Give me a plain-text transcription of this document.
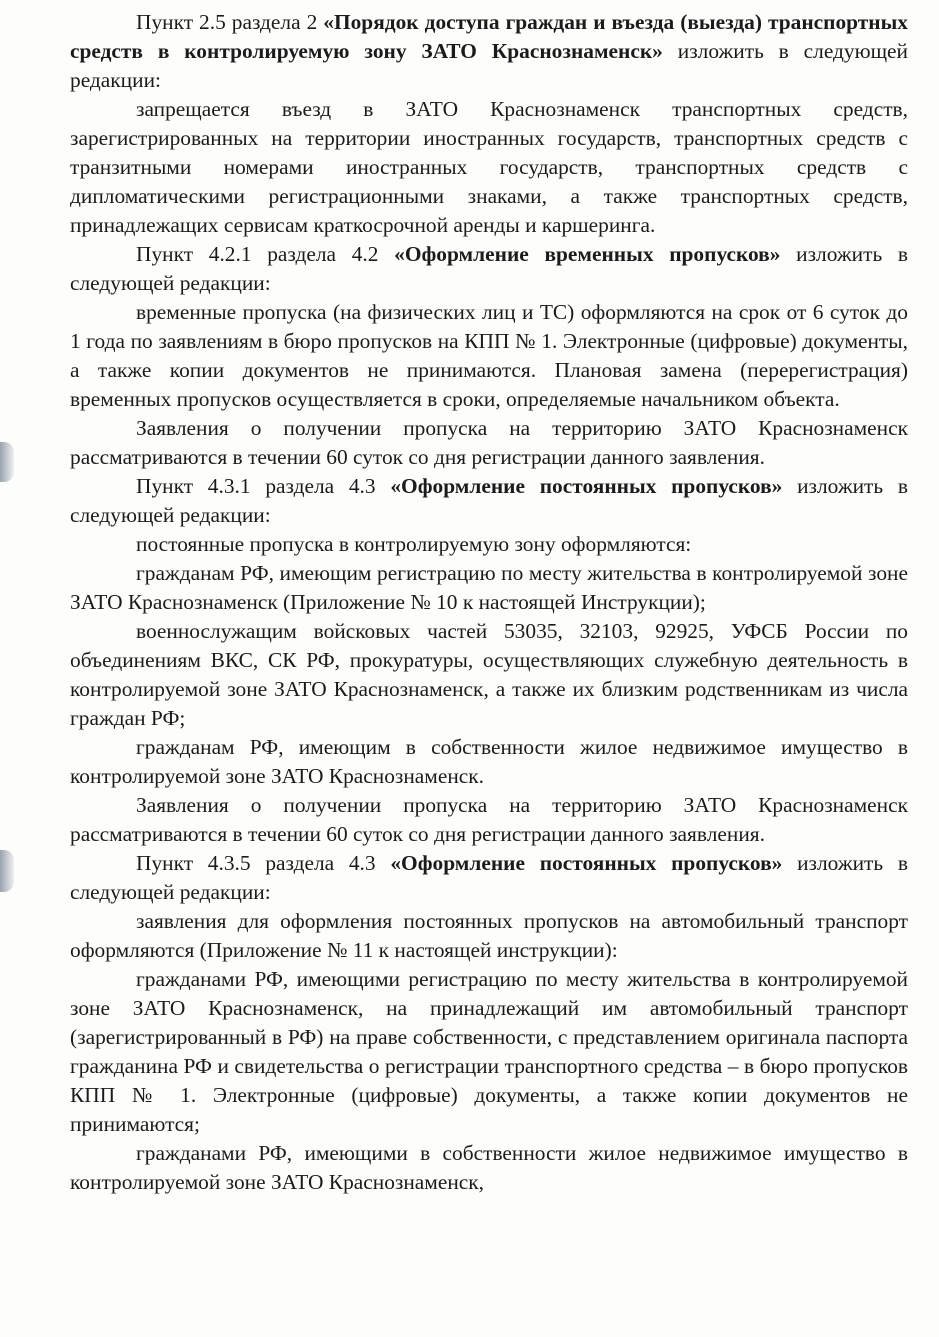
Пункт 2.5 раздела 2 «Порядок доступа граждан и въезда (выезда) транспортных средств в контролируемую зону ЗАТО Краснознаменск» изложить в следующей редакции:

запрещается въезд в ЗАТО Краснознаменск транспортных средств, зарегистрированных на территории иностранных государств, транспортных средств с транзитными номерами иностранных государств, транспортных средств с дипломатическими регистрационными знаками, а также транспортных средств, принадлежащих сервисам краткосрочной аренды и каршеринга.

Пункт 4.2.1 раздела 4.2 «Оформление временных пропусков» изложить в следующей редакции:

временные пропуска (на физических лиц и ТС) оформляются на срок от 6 суток до 1 года по заявлениям в бюро пропусков на КПП № 1. Электронные (цифровые) документы, а также копии документов не принимаются. Плановая замена (перерегистрация) временных пропусков осуществляется в сроки, определяемые начальником объекта.

Заявления о получении пропуска на территорию ЗАТО Краснознаменск рассматриваются в течении 60 суток со дня регистрации данного заявления.

Пункт 4.3.1 раздела 4.3 «Оформление постоянных пропусков» изложить в следующей редакции:

постоянные пропуска в контролируемую зону оформляются:

гражданам РФ, имеющим регистрацию по месту жительства в контролируемой зоне ЗАТО Краснознаменск (Приложение № 10 к настоящей Инструкции);

военнослужащим войсковых частей 53035, 32103, 92925, УФСБ России по объединениям ВКС, СК РФ, прокуратуры, осуществляющих служебную деятельность в контролируемой зоне ЗАТО Краснознаменск, а также их близким родственникам из числа граждан РФ;

гражданам РФ, имеющим в собственности жилое недвижимое имущество в контролируемой зоне ЗАТО Краснознаменск.

Заявления о получении пропуска на территорию ЗАТО Краснознаменск рассматриваются в течении 60 суток со дня регистрации данного заявления.

Пункт 4.3.5 раздела 4.3 «Оформление постоянных пропусков» изложить в следующей редакции:

заявления для оформления постоянных пропусков на автомобильный транспорт оформляются (Приложение № 11 к настоящей инструкции):

гражданами РФ, имеющими регистрацию по месту жительства в контролируемой зоне ЗАТО Краснознаменск, на принадлежащий им автомобильный транспорт (зарегистрированный в РФ) на праве собственности, с представлением оригинала паспорта гражданина РФ и свидетельства о регистрации транспортного средства – в бюро пропусков КПП № 1. Электронные (цифровые) документы, а также копии документов не принимаются;

гражданами РФ, имеющими в собственности жилое недвижимое имущество в контролируемой зоне ЗАТО Краснознаменск,
